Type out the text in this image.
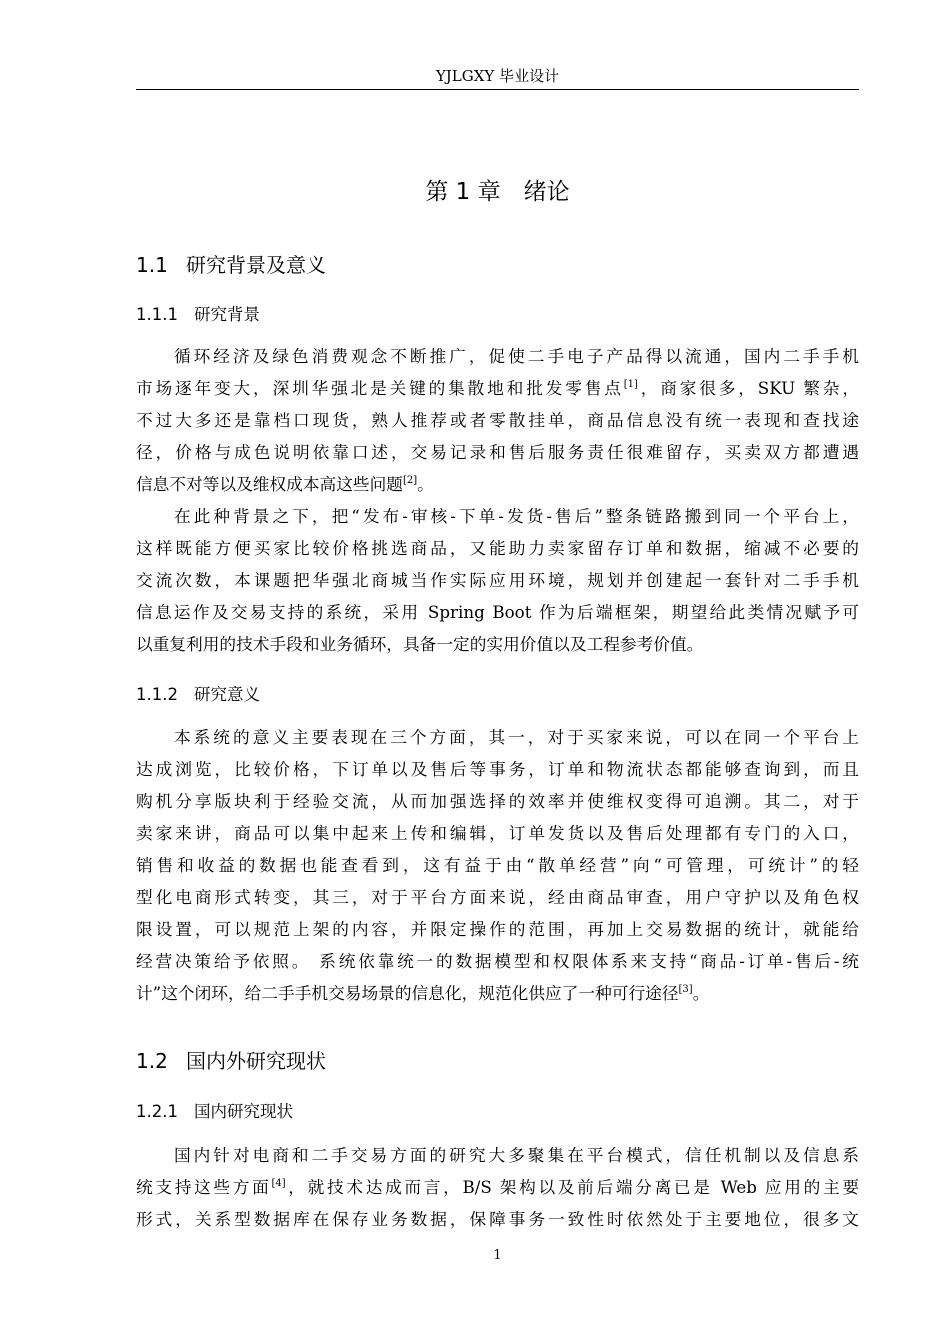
YJLGXY 毕业设计
第 1 章　绪论
1.1 研究背景及意义
1.1.1 研究背景
循环经济及绿色消费观念不断推广，促使二手电子产品得以流通，国内二手手机
市场逐年变大，深圳华强北是关键的集散地和批发零售点[1]，商家很多，SKU 繁杂，
不过大多还是靠档口现货，熟人推荐或者零散挂单，商品信息没有统一表现和查找途
径，价格与成色说明依靠口述，交易记录和售后服务责任很难留存，买卖双方都遭遇
信息不对等以及维权成本高这些问题[2]。
在此种背景之下，把“发布-审核-下单-发货-售后”整条链路搬到同一个平台上，
这样既能方便买家比较价格挑选商品，又能助力卖家留存订单和数据，缩减不必要的
交流次数，本课题把华强北商城当作实际应用环境，规划并创建起一套针对二手手机
信息运作及交易支持的系统，采用 Spring Boot 作为后端框架，期望给此类情况赋予可
以重复利用的技术手段和业务循环，具备一定的实用价值以及工程参考价值。
1.1.2 研究意义
本系统的意义主要表现在三个方面，其一，对于买家来说，可以在同一个平台上
达成浏览，比较价格，下订单以及售后等事务，订单和物流状态都能够查询到，而且
购机分享版块利于经验交流，从而加强选择的效率并使维权变得可追溯。其二，对于
卖家来讲，商品可以集中起来上传和编辑，订单发货以及售后处理都有专门的入口，
销售和收益的数据也能查看到，这有益于由“散单经营”向“可管理，可统计”的轻
型化电商形式转变，其三，对于平台方面来说，经由商品审查，用户守护以及角色权
限设置，可以规范上架的内容，并限定操作的范围，再加上交易数据的统计，就能给
经营决策给予依照。 系统依靠统一的数据模型和权限体系来支持“商品-订单-售后-统
计”这个闭环，给二手手机交易场景的信息化，规范化供应了一种可行途径[3]。
1.2 国内外研究现状
1.2.1 国内研究现状
国内针对电商和二手交易方面的研究大多聚集在平台模式，信任机制以及信息系
统支持这些方面[4]，就技术达成而言，B/S 架构以及前后端分离已是 Web 应用的主要
形式，关系型数据库在保存业务数据，保障事务一致性时依然处于主要地位，很多文
1
